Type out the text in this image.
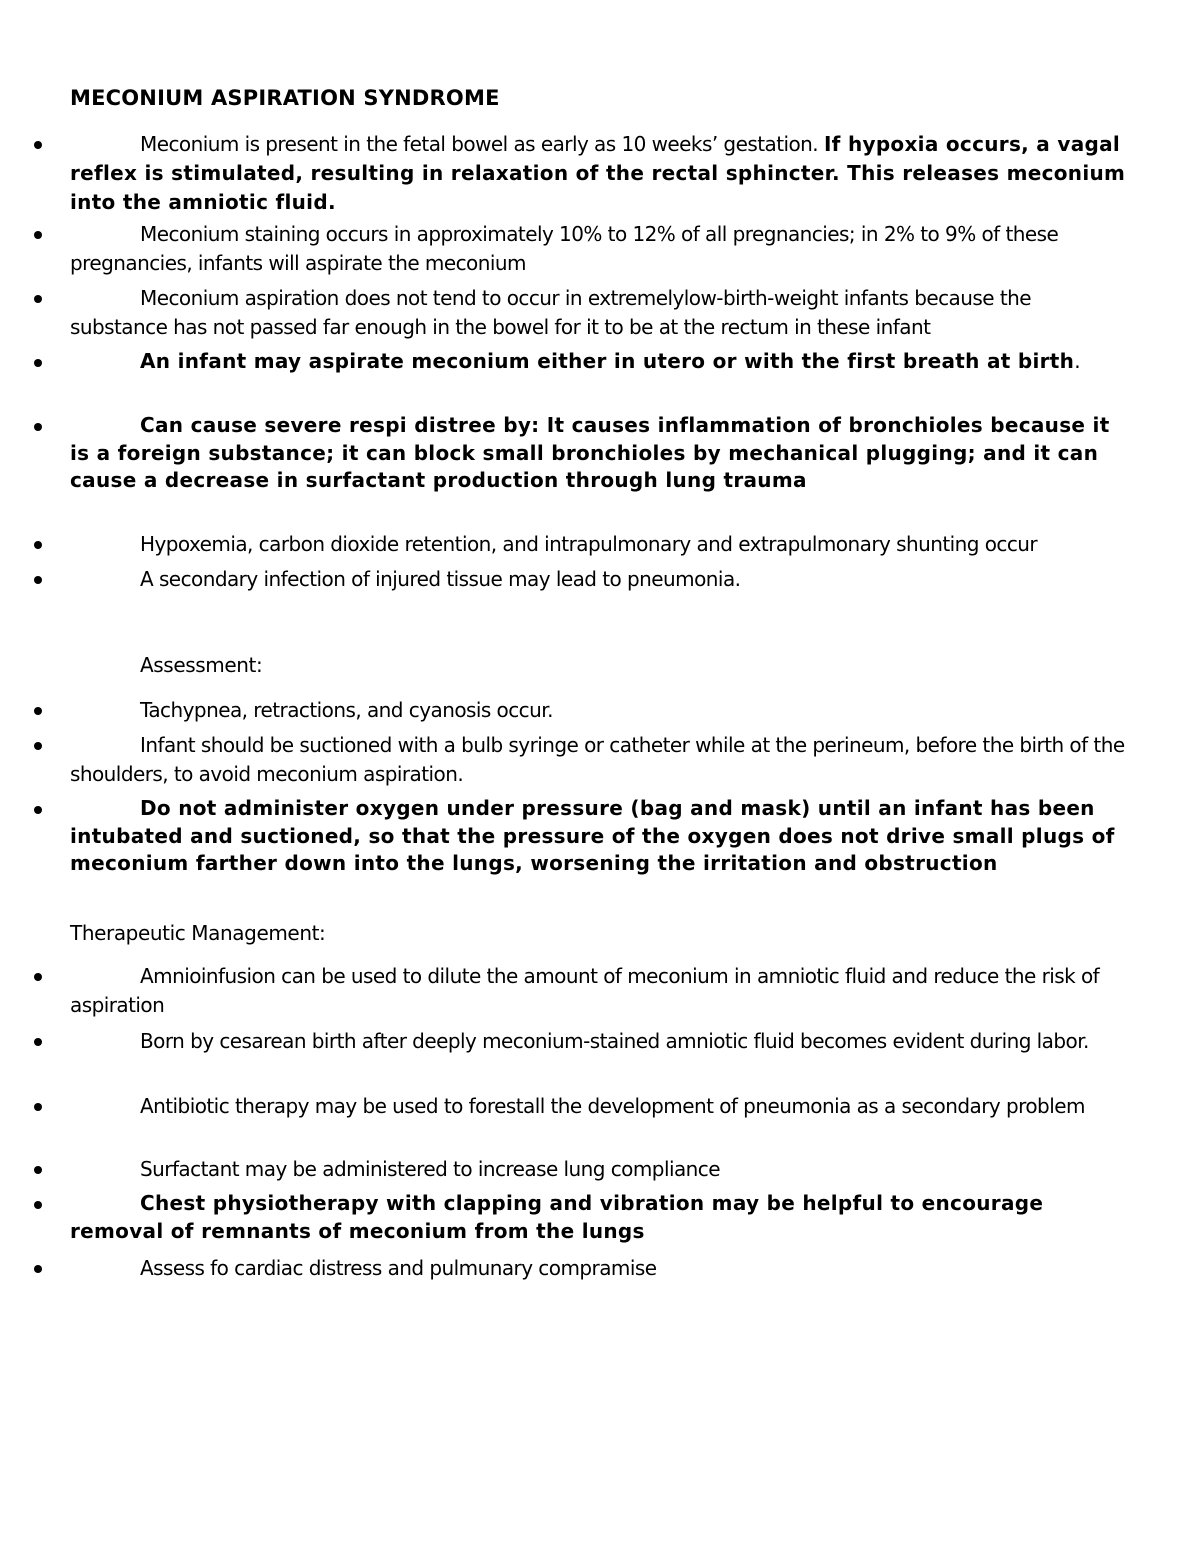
MECONIUM ASPIRATION SYNDROME
Meconium is present in the fetal bowel as early as 10 weeks’ gestation. If hypoxia occurs, a vagal reflex is stimulated, resulting in relaxation of the rectal sphincter. This releases meconium into the amniotic fluid.
Meconium staining occurs in approximately 10% to 12% of all pregnancies; in 2% to 9% of these pregnancies, infants will aspirate the meconium
Meconium aspiration does not tend to occur in extremelylow-birth-weight infants because the substance has not passed far enough in the bowel for it to be at the rectum in these infant
An infant may aspirate meconium either in utero or with the first breath at birth.
Can cause severe respi distree by: It causes inflammation of bronchioles because it is a foreign substance; it can block small bronchioles by mechanical plugging; and it can cause a decrease in surfactant production through lung trauma
Hypoxemia, carbon dioxide retention, and intrapulmonary and extrapulmonary shunting occur
A secondary infection of injured tissue may lead to pneumonia.
Assessment:
Tachypnea, retractions, and cyanosis occur.
Infant should be suctioned with a bulb syringe or catheter while at the perineum, before the birth of the shoulders, to avoid meconium aspiration.
Do not administer oxygen under pressure (bag and mask) until an infant has been intubated and suctioned, so that the pressure of the oxygen does not drive small plugs of meconium farther down into the lungs, worsening the irritation and obstruction
Therapeutic Management:
Amnioinfusion can be used to dilute the amount of meconium in amniotic fluid and reduce the risk of aspiration
Born by cesarean birth after deeply meconium-stained amniotic fluid becomes evident during labor.
Antibiotic therapy may be used to forestall the development of pneumonia as a secondary problem
Surfactant may be administered to increase lung compliance
Chest physiotherapy with clapping and vibration may be helpful to encourage removal of remnants of meconium from the lungs
Assess fo cardiac distress and pulmunary compramise
